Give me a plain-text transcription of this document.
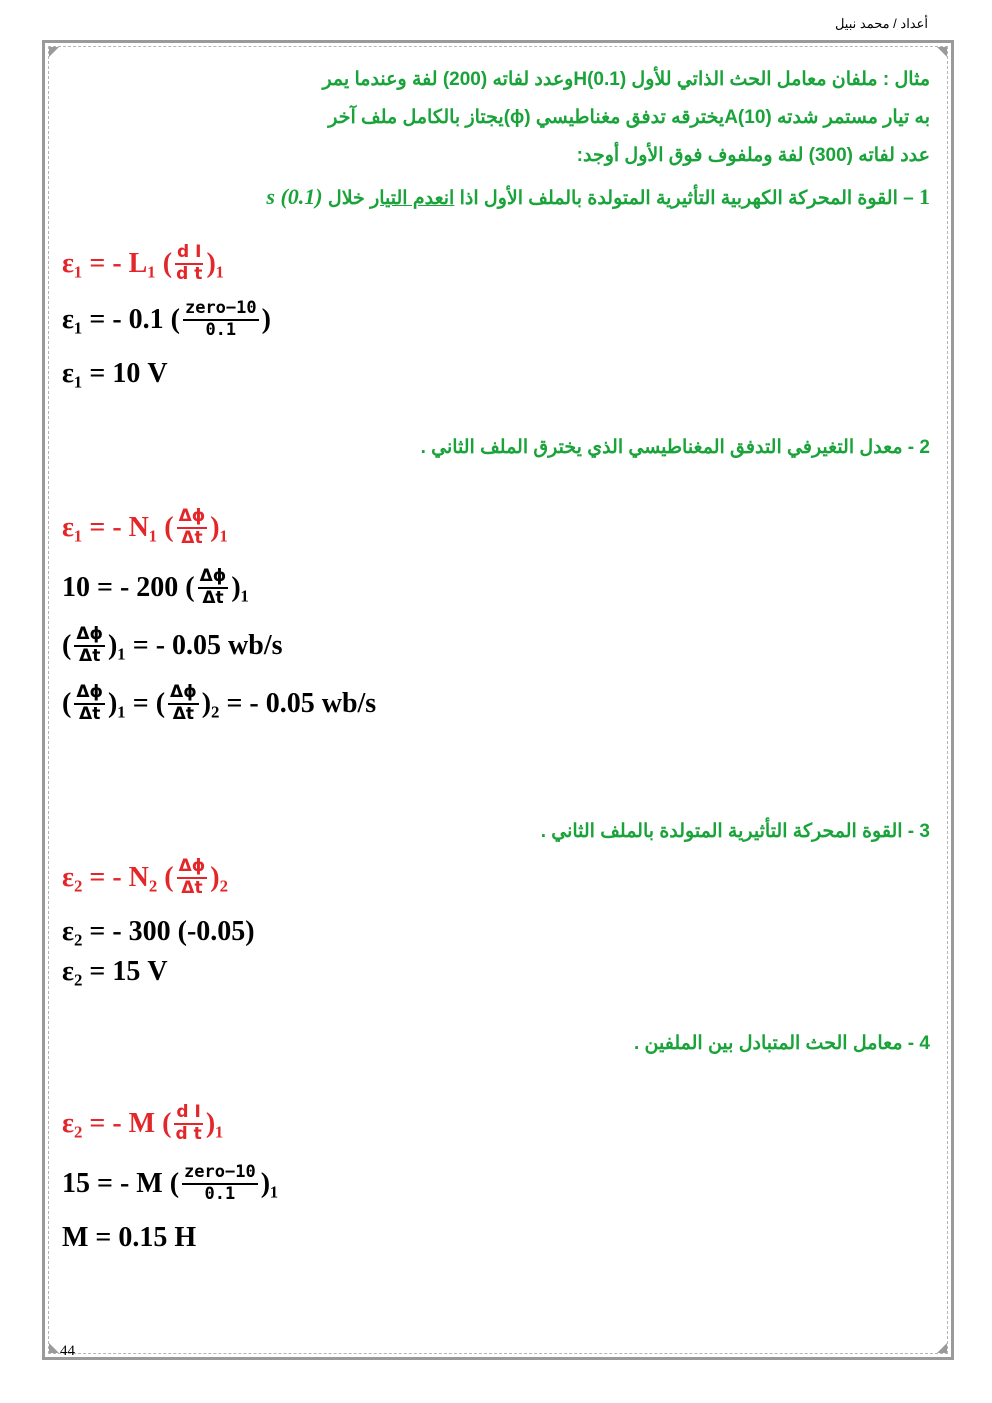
أعداد / محمد نبيل
مثال : ملفان معامل الحث الذاتي للأول H(0.1)وعدد لفاته (200) لفة وعندما يمر
به تيار مستمر شدته A(10)يخترقه تدفق مغناطيسي (ϕ)يجتاز بالكامل ملف آخر
عدد لفاته (300) لفة وملفوف فوق الأول أوجد:
1 – القوة المحركة الكهربية التأثيرية المتولدة بالملف الأول اذا انعدم التيار خلال s (0.1)
ε₁ = - L₁ ( $\frac{\text{d I}}{\text{d t}} )_1$
ε₁ = - 0.1 ( $\frac{\text{zero−10}}{0.1}$ )
ε₁ = 10 V
2 - معدل التغيرفي التدفق المغناطيسي الذي يخترق الملف الثاني .
ε₁ = - N₁ ( $\frac{\Delta\phi}{\Delta t} )_1$
10 = - 200 ( $\frac{\Delta\phi}{\Delta t} )_1$
( $\frac{\Delta\phi}{\Delta t} )_1$ = - 0.05 wb/s
( $\frac{\Delta\phi}{\Delta t} )_1$ = ( $\frac{\Delta\phi}{\Delta t} )_2$ = - 0.05 wb/s
3 - القوة المحركة التأثيرية المتولدة بالملف الثاني .
ε₂ = - N₂ ( $\frac{\Delta\phi}{\Delta t} )_2$
ε₂ = - 300 (-0.05)
ε₂ = 15 V
4 - معامل الحث المتبادل بين الملفين .
ε₂ = - M ( $\frac{\text{d I}}{\text{d t}} )_1$
15 = - M ( $\frac{\text{zero−10}}{0.1} )_1$
M = 0.15 H
44
